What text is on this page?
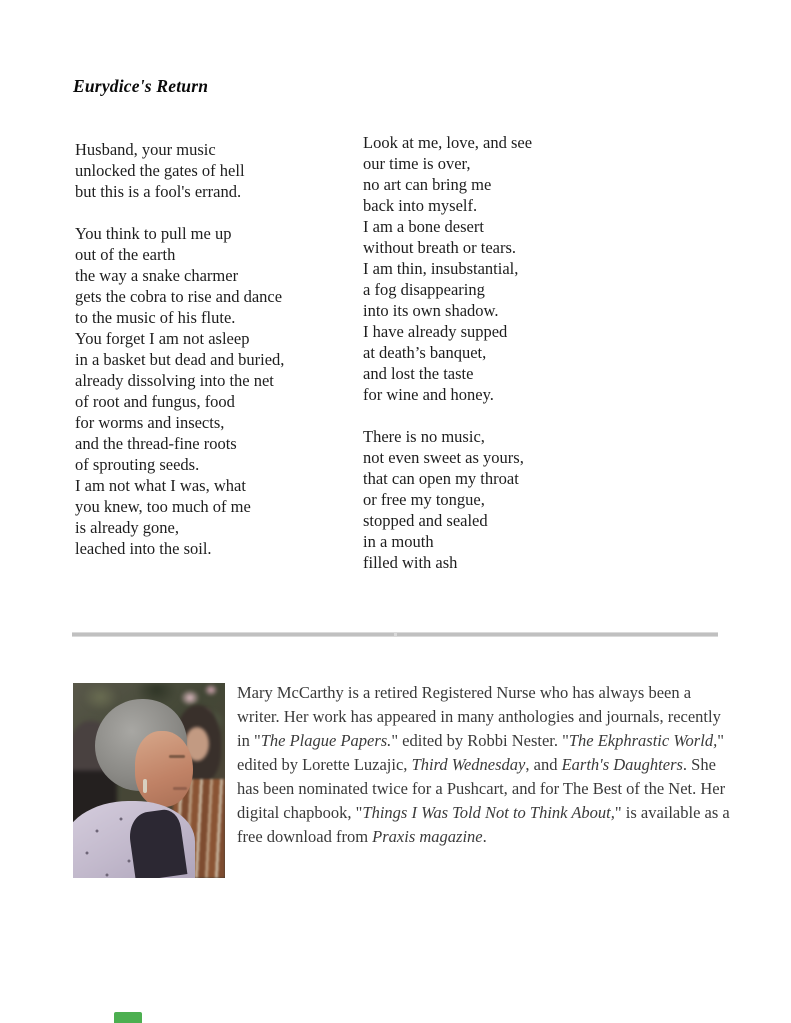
Eurydice's Return
Husband, your music
unlocked the gates of hell
but this is a fool's errand.
You think to pull me up
out of the earth
the way a snake charmer
gets the cobra to rise and dance
to the music of his flute.
You forget I am not asleep
in a basket but dead and buried,
already dissolving into the net
of root and fungus, food
for worms and insects,
and the thread-fine roots
of sprouting seeds.
I am not what I was, what
you knew, too much of me
is already gone,
leached into the soil.
Look at me, love, and see
our time is over,
no art can bring me
back into myself.
I am a bone desert
without breath or tears.
I am thin, insubstantial,
a fog disappearing
into its own shadow.
I have already supped
at death’s banquet,
and lost the taste
for wine and honey.
There is no music,
not even sweet as yours,
that can open my throat
or free my tongue,
stopped and sealed
in a mouth
filled with ash
Mary McCarthy is a retired Registered Nurse who has always been a writer. Her work has appeared in many anthologies and journals, recently in "The Plague Papers." edited by Robbi Nester. "The Ekphrastic World," edited by Lorette Luzajic, Third Wednesday, and Earth's Daughters. She has been nominated twice for a Pushcart, and for The Best of the Net. Her digital chapbook, "Things I Was Told Not to Think About," is available as a free download from Praxis magazine.
